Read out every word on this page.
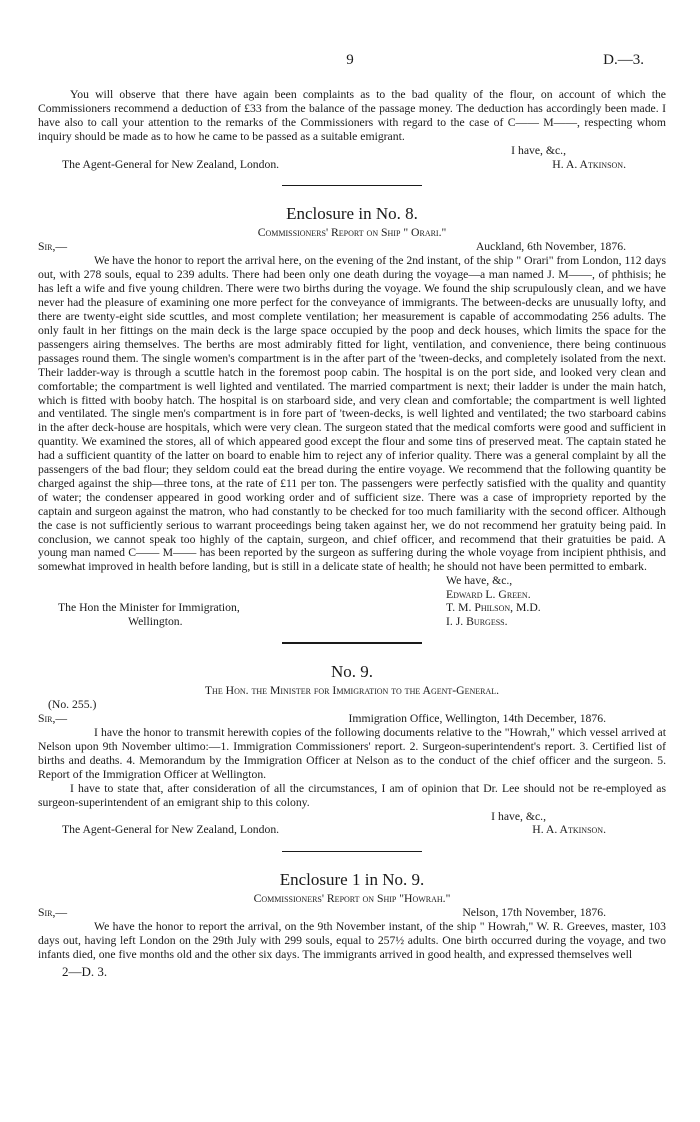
9	D.—3.

You will observe that there have again been complaints as to the bad quality of the flour, on account of which the Commissioners recommend a deduction of £33 from the balance of the passage money. The deduction has accordingly been made. I have also to call your attention to the remarks of the Commissioners with regard to the case of C—— M——, respecting whom inquiry should be made as to how he came to be passed as a suitable emigrant.

I have, &c.,

The Agent-General for New Zealand, London.	H. A. Atkinson.
Enclosure in No. 8.
Commissioners' Report on Ship " Orari."
Sir,—	Auckland, 6th November, 1876.

We have the honor to report the arrival here, on the evening of the 2nd instant, of the ship " Orari" from London, 112 days out, with 278 souls, equal to 239 adults. There had been only one death during the voyage—a man named J. M——, of phthisis; he has left a wife and five young children. There were two births during the voyage. We found the ship scrupulously clean, and we have never had the pleasure of examining one more perfect for the conveyance of immigrants. The between-decks are unusually lofty, and there are twenty-eight side scuttles, and most complete ventilation; her measurement is capable of accommodating 256 adults. The only fault in her fittings on the main deck is the large space occupied by the poop and deck houses, which limits the space for the passengers airing themselves. The berths are most admirably fitted for light, ventilation, and convenience, there being continuous passages round them. The single women's compartment is in the after part of the 'tween-decks, and completely isolated from the next. Their ladder-way is through a scuttle hatch in the foremost poop cabin. The hospital is on the port side, and looked very clean and comfortable; the compartment is well lighted and ventilated. The married compartment is next; their ladder is under the main hatch, which is fitted with booby hatch. The hospital is on starboard side, and very clean and comfortable; the compartment is well lighted and ventilated. The single men's compartment is in fore part of 'tween-decks, is well lighted and ventilated; the two starboard cabins in the after deck-house are hospitals, which were very clean. The surgeon stated that the medical comforts were good and sufficient in quantity. We examined the stores, all of which appeared good except the flour and some tins of preserved meat. The captain stated he had a sufficient quantity of the latter on board to enable him to reject any of inferior quality. There was a general complaint by all the passengers of the bad flour; they seldom could eat the bread during the entire voyage. We recommend that the following quantity be charged against the ship—three tons, at the rate of £11 per ton. The passengers were perfectly satisfied with the quality and quantity of water; the condenser appeared in good working order and of sufficient size. There was a case of impropriety reported by the captain and surgeon against the matron, who had constantly to be checked for too much familiarity with the second officer. Although the case is not sufficiently serious to warrant proceedings being taken against her, we do not recommend her gratuity being paid. In conclusion, we cannot speak too highly of the captain, surgeon, and chief officer, and recommend that their gratuities be paid. A young man named C—— M—— has been reported by the surgeon as suffering during the whole voyage from incipient phthisis, and somewhat improved in health before landing, but is still in a delicate state of health; he should not have been permitted to embark.

The Hon the Minister for Immigration,
Wellington.
We have, &c.,
Edward L. Green.
T. M. Philson, M.D.
I. J. Burgess.
No. 9.
The Hon. the Minister for Immigration to the Agent-General.
(No. 255.)
Sir,—	Immigration Office, Wellington, 14th December, 1876.

I have the honor to transmit herewith copies of the following documents relative to the "Howrah," which vessel arrived at Nelson upon 9th November ultimo:—1. Immigration Commissioners' report. 2. Surgeon-superintendent's report. 3. Certified list of births and deaths. 4. Memorandum by the Immigration Officer at Nelson as to the conduct of the chief officer and the surgeon. 5. Report of the Immigration Officer at Wellington.

I have to state that, after consideration of all the circumstances, I am of opinion that Dr. Lee should not be re-employed as surgeon-superintendent of an emigrant ship to this colony.

I have, &c.,

The Agent-General for New Zealand, London.	H. A. Atkinson.
Enclosure 1 in No. 9.
Commissioners' Report on Ship "Howrah."
Sir,—	Nelson, 17th November, 1876.

We have the honor to report the arrival, on the 9th November instant, of the ship " Howrah," W. R. Greeves, master, 103 days out, having left London on the 29th July with 299 souls, equal to 257½ adults. One birth occurred during the voyage, and two infants died, one five months old and the other six days. The immigrants arrived in good health, and expressed themselves well

2—D. 3.
